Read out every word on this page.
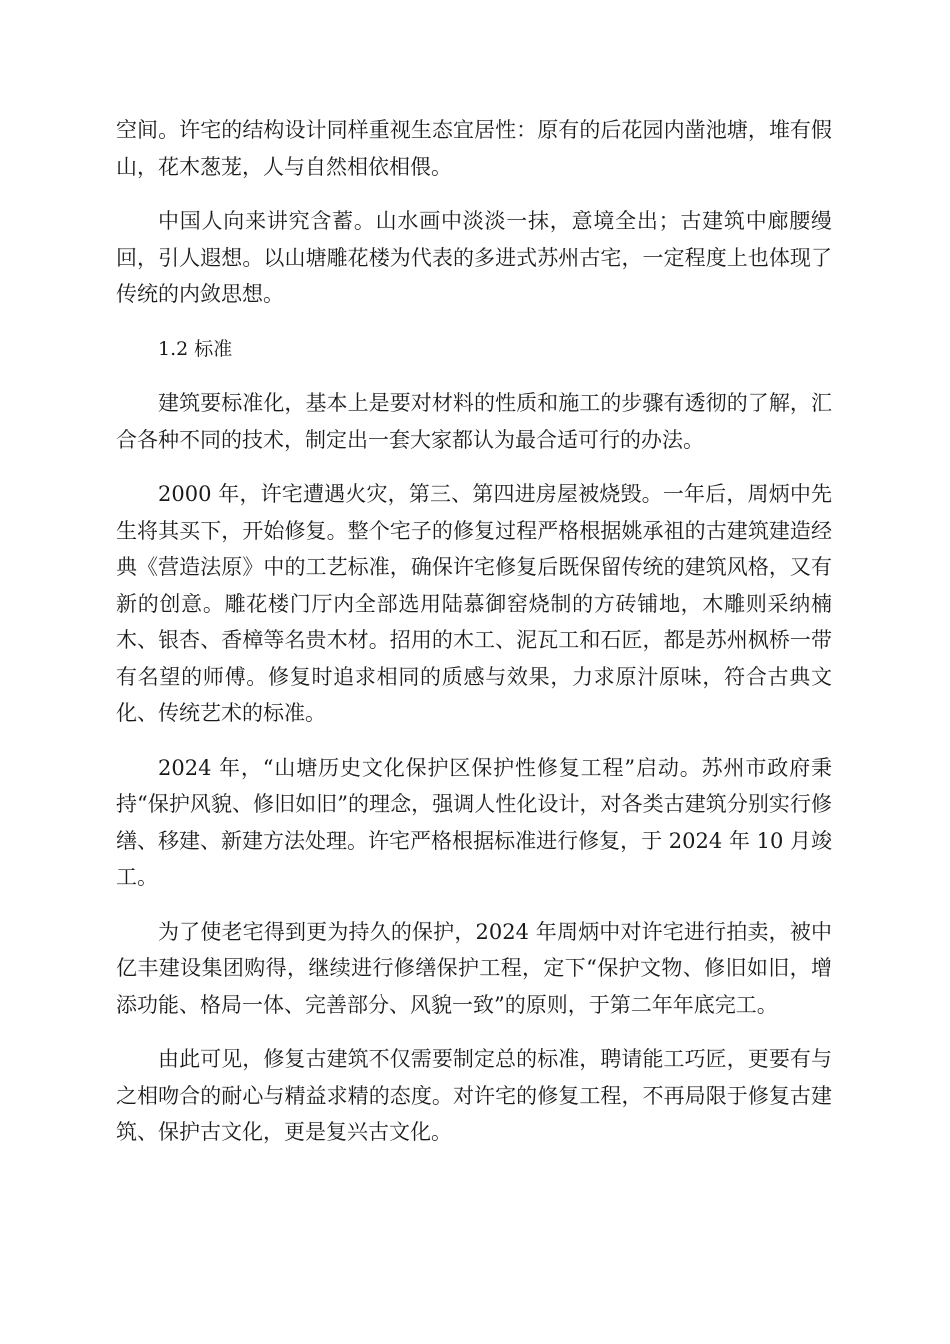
空间。许宅的结构设计同样重视生态宜居性：原有的后花园内凿池塘，堆有假山，花木葱茏，人与自然相依相偎。

中国人向来讲究含蓄。山水画中淡淡一抹，意境全出；古建筑中廊腰缦回，引人遐想。以山塘雕花楼为代表的多进式苏州古宅，一定程度上也体现了传统的内敛思想。

1.2 标准

建筑要标准化，基本上是要对材料的性质和施工的步骤有透彻的了解，汇合各种不同的技术，制定出一套大家都认为最合适可行的办法。

2000 年，许宅遭遇火灾，第三、第四进房屋被烧毁。一年后，周炳中先生将其买下，开始修复。整个宅子的修复过程严格根据姚承祖的古建筑建造经典《营造法原》中的工艺标准，确保许宅修复后既保留传统的建筑风格，又有新的创意。雕花楼门厅内全部选用陆慕御窑烧制的方砖铺地，木雕则采纳楠木、银杏、香樟等名贵木材。招用的木工、泥瓦工和石匠，都是苏州枫桥一带有名望的师傅。修复时追求相同的质感与效果，力求原汁原味，符合古典文化、传统艺术的标准。

2024 年，“山塘历史文化保护区保护性修复工程”启动。苏州市政府秉持“保护风貌、修旧如旧”的理念，强调人性化设计，对各类古建筑分别实行修缮、移建、新建方法处理。许宅严格根据标准进行修复，于 2024 年 10 月竣工。

为了使老宅得到更为持久的保护，2024 年周炳中对许宅进行拍卖，被中亿丰建设集团购得，继续进行修缮保护工程，定下“保护文物、修旧如旧，增添功能、格局一体、完善部分、风貌一致”的原则，于第二年年底完工。

由此可见，修复古建筑不仅需要制定总的标准，聘请能工巧匠，更要有与之相吻合的耐心与精益求精的态度。对许宅的修复工程，不再局限于修复古建筑、保护古文化，更是复兴古文化。
